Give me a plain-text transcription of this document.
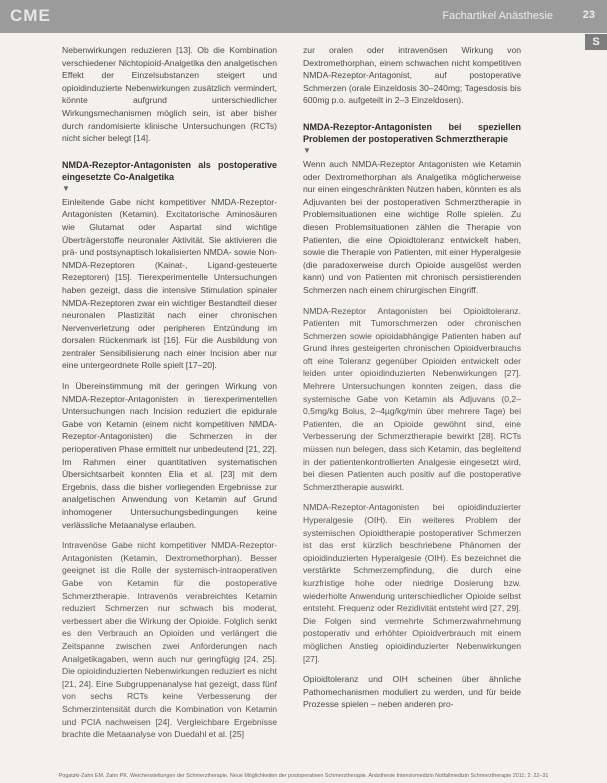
CME	Fachartikel Anästhesie	23
S

Nebenwirkungen reduzieren [13]. Ob die Kombination verschiedener Nichtopioid-Analgetika den analgetischen Effekt der Einzelsubstanzen steigert und opioidinduzierte Nebenwirkungen zusätzlich vermindert, könnte aufgrund unterschiedlicher Wirkungsmechanismen möglich sein, ist aber bisher durch randomisierte klinische Untersuchungen (RCTs) nicht sicher belegt [14].

NMDA-Rezeptor-Antagonisten als postoperative eingesetzte Co-Analgetika
▼

Einleitende Gabe nicht kompetitiver NMDA-Rezeptor-Antagonisten (Ketamin). Excitatorische Aminosäuren wie Glutamat oder Aspartat sind wichtige Überträgerstoffe neuronaler Aktivität. Sie aktivieren die prä- und postsynaptisch lokalisierten NMDA- sowie Non-NMDA-Rezeptoren (Kainat-, Ligand-gesteuerte Rezeptoren) [15]. Tierexperimentelle Untersuchungen haben gezeigt, dass die intensive Stimulation spinaler NMDA-Rezeptoren zwar ein wichtiger Bestandteil dieser neuronalen Plastizität nach einer chronischen Nervenverletzung oder peripheren Entzündung im dorsalen Rückenmark ist [16]. Für die Ausbildung von zentraler Sensibilisierung nach einer Incision aber nur eine untergeordnete Rolle spielt [17–20].

In Übereinstimmung mit der geringen Wirkung von NMDA-Rezeptor-Antagonisten in tierexperimentellen Untersuchungen nach Incision reduziert die epidurale Gabe von Ketamin (einem nicht kompetitiven NMDA-Rezeptor-Antagonisten) die Schmerzen in der perioperativen Phase ermittelt nur unbedeutend [21, 22]. Im Rahmen einer quantitativen systematischen Übersichtsarbeit konnten Elia et al. [23] mit dem Ergebnis, dass die bisher vorliegenden Ergebnisse zur analgetischen Anwendung von Ketamin auf Grund inhomogener Untersuchungsbedingungen keine verlässliche Metaanalyse erlauben.

Intravenöse Gabe nicht kompetitiver NMDA-Rezeptor-Antagonisten (Ketamin, Dextromethorphan). Besser geeignet ist die Rolle der systemisch-intraoperativen Gabe von Ketamin für die postoperative Schmerztherapie. Intravenös verabreichtes Ketamin reduziert Schmerzen nur schwach bis moderat, verbessert aber die Wirkung der Opioide. Folglich senkt es den Verbrauch an Opioiden und verlängert die Zeitspanne zwischen zwei Anforderungen nach Analgetikagaben, wenn auch nur geringfügig [24, 25]. Die opioidinduzierten Nebenwirkungen reduziert es nicht [21, 24]. Eine Subgruppenanalyse hat gezeigt, dass fünf von sechs RCTs keine Verbesserung der Schmerzintensität durch die Kombination von Ketamin und PCIA nachweisen [24]. Vergleichbare Ergebnisse brachte die Metaanalyse von Duedahl et al. [25]

zur oralen oder intravenösen Wirkung von Dextromethorphan, einem schwachen nicht kompetitiven NMDA-Rezeptor-Antagonist, auf postoperative Schmerzen (orale Einzeldosis 30–240mg; Tagesdosis bis 600mg p.o. aufgeteilt in 2–3 Einzeldosen).

NMDA-Rezeptor-Antagonisten bei speziellen Problemen der postoperativen Schmerztherapie
▼

Wenn auch NMDA-Rezeptor Antagonisten wie Ketamin oder Dextromethorphan als Analgetika möglicherweise nur einen eingeschränkten Nutzen haben, könnten es als Adjuvanten bei der postoperativen Schmerztherapie in Problemsituationen eine wichtige Rolle spielen. Zu diesen Problemsituationen zählen die Therapie von Patienten, die eine Opioidtoleranz entwickelt haben, sowie die Therapie von Patienten, mit einer Hyperalgesie (die paradoxerweise durch Opioide ausgelöst werden kann) und von Patienten mit chronisch persistierenden Schmerzen nach einem chirurgischen Eingriff.

NMDA-Rezeptor Antagonisten bei Opioidtoleranz. Patienten mit Tumorschmerzen oder chronischen Schmerzen sowie opioidabhängige Patienten haben auf Grund ihres gesteigerten chronischen Opioidverbrauchs oft eine Toleranz gegenüber Opioiden entwickelt oder leiden unter opioidinduzierten Nebenwirkungen [27]. Mehrere Untersuchungen konnten zeigen, dass die systemische Gabe von Ketamin als Adjuvans (0,2–0,5mg/kg Bolus, 2–4µg/kg/min über mehrere Tage) bei Patienten, die an Opioide gewöhnt sind, eine Verbesserung der Schmerztherapie bewirkt [28]. RCTs müssen nun belegen, dass sich Ketamin, das begleitend in der patientenkontrollierten Analgesie eingesetzt wird, bei diesen Patienten auch positiv auf die postoperative Schmerztherapie auswirkt.

NMDA-Rezeptor-Antagonisten bei opioidinduzierter Hyperalgesie (OIH). Ein weiteres Problem der systemischen Opioidtherapie postoperativer Schmerzen ist das erst kürzlich beschriebene Phänomen der opioidinduzierten Hyperalgesie (OIH). Es bezeichnet die verstärkte Schmerzempfindung, die durch eine kurzfristige hohe oder niedrige Dosierung bzw. wiederholte Anwendung unterschiedlicher Opioide selbst entsteht. Frequenz oder Rezidivität entsteht wird [27, 29]. Die Folgen sind vermehrte Schmerzwahrnehmung postoperativ und erhöhter Opioidverbrauch mit einem möglichen Anstieg opioidinduzierter Nebenwirkungen [27].

Opioidtoleranz und OIH scheinen über ähnliche Pathomechanismen moduliert zu werden, und für beide Prozesse spielen – neben anderen pro-

Pogatzki-Zahn EM. Zahn PK. Weichenstellungen der Schmerztherapie. Neue Möglichkeiten der postoperativen Schmerztherapie. Anästhesie Intensivmedizin Notfallmedizin Schmerztherapie 2011; 2: 22–31
